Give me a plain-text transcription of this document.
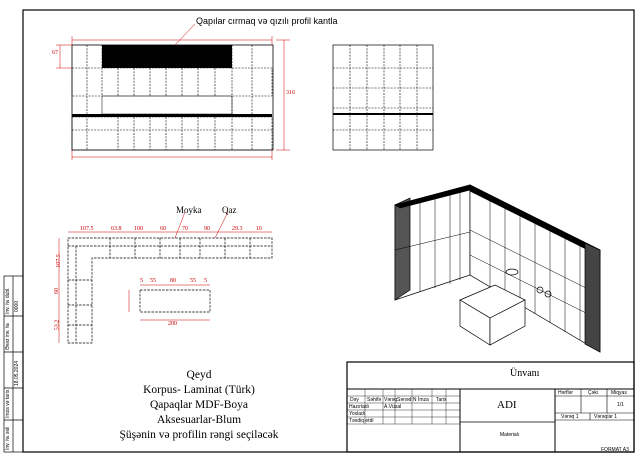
Qapılar cırmaq və qızılı profil kantla
Moyka Qaz
67
316
107.5	63.8 100	60	70	90	29.3 16
107.5
60
53.2
5 55 80 55 5
200
Qeyd
Korpus- Laminat (Türk)
Qapaqlar MDF-Boya
Aksesuarlar-Blum
Şüşənin və profilin rəngi seçiləcək
Ünvanı
ADI
Materialı
Dəy Səhifə Vərəq Sənəd N İmza Tarix
Hazırladı	A.Vüsal
Yoxladı
Təsdiq etdi
Hərflər	Çəki	Miqyas
1/1
Vərəq 1	Vərəqlər 1
FORMAT A3
İnv. № əsli
İmza və tarix
18.05.2024
Əvəz inv. №
İnv. № dubl. 0000
